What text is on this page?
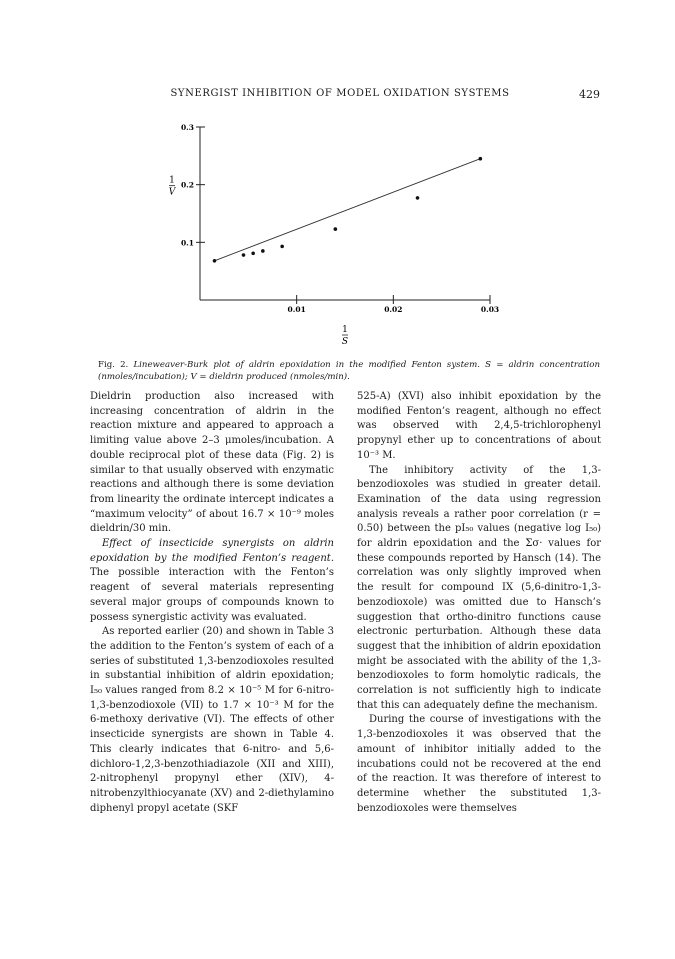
SYNERGIST INHIBITION OF MODEL OXIDATION SYSTEMS	429
0.01	0.02	0.03
0.1
0.2
0.3
1
V
1
S
Fig. 2. Lineweaver-Burk plot of aldrin epoxidation in the modified Fenton system. S = aldrin concentration (nmoles/incubation); V = dieldrin produced (nmoles/min).

Dieldrin production also increased with increasing concentration of aldrin in the reaction mixture and appeared to approach a limiting value above 2–3 μmoles/incubation. A double reciprocal plot of these data (Fig. 2) is similar to that usually observed with enzymatic reactions and although there is some deviation from linearity the ordinate intercept indicates a “maximum velocity” of about 16.7 × 10⁻⁹ moles dieldrin/30 min.

Effect of insecticide synergists on aldrin epoxidation by the modified Fenton’s reagent. The possible interaction with the Fenton’s reagent of several materials representing several major groups of compounds known to possess synergistic activity was evaluated.

As reported earlier (20) and shown in Table 3 the addition to the Fenton’s system of each of a series of substituted 1,3-benzodioxoles resulted in substantial inhibition of aldrin epoxidation; I₅₀ values ranged from 8.2 × 10⁻⁵ M for 6-nitro-1,3-benzodioxole (VII) to 1.7 × 10⁻³ M for the 6-methoxy derivative (VI). The effects of other insecticide synergists are shown in Table 4. This clearly indicates that 6-nitro- and 5,6-dichloro-1,2,3-benzothiadiazole (XII and XIII), 2-nitrophenyl propynyl ether (XIV), 4-nitrobenzylthiocyanate (XV) and 2-diethylamino diphenyl propyl acetate (SKF

525-A) (XVI) also inhibit epoxidation by the modified Fenton’s reagent, although no effect was observed with 2,4,5-trichlorophenyl propynyl ether up to concentrations of about 10⁻³ M.

The inhibitory activity of the 1,3-benzodioxoles was studied in greater detail. Examination of the data using regression analysis reveals a rather poor correlation (r = 0.50) between the pI₅₀ values (negative log I₅₀) for aldrin epoxidation and the Σσ· values for these compounds reported by Hansch (14). The correlation was only slightly improved when the result for compound IX (5,6-dinitro-1,3-benzodioxole) was omitted due to Hansch’s suggestion that ortho-dinitro functions cause electronic perturbation. Although these data suggest that the inhibition of aldrin epoxidation might be associated with the ability of the 1,3-benzodioxoles to form homolytic radicals, the correlation is not sufficiently high to indicate that this can adequately define the mechanism.

During the course of investigations with the 1,3-benzodioxoles it was observed that the amount of inhibitor initially added to the incubations could not be recovered at the end of the reaction. It was therefore of interest to determine whether the substituted 1,3-benzodioxoles were themselves
